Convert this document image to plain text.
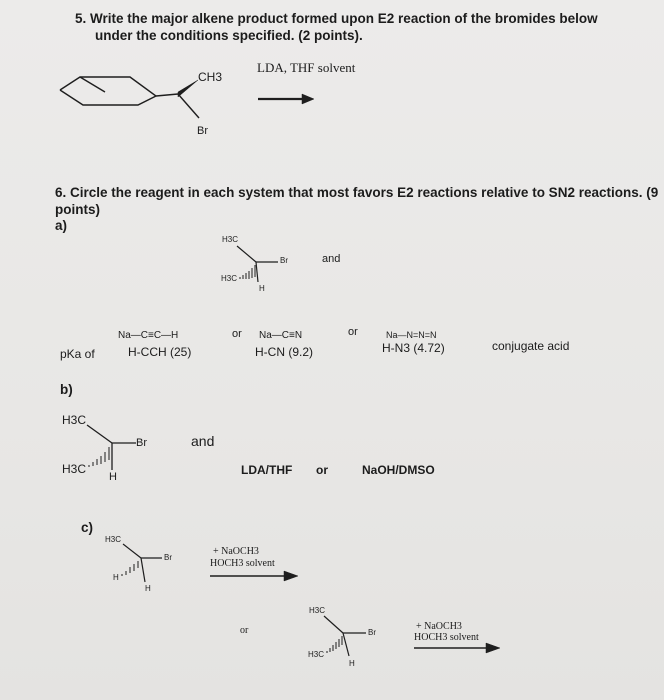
5. Write the major alkene product formed upon E2 reaction of the bromides below
under the conditions specified. (2 points).
CH3
Br
LDA, THF solvent
6. Circle the reagent in each system that most favors E2 reactions relative to SN2 reactions. (9
points)
a)
H3C
Br
H3C
H
and
Na—C≡C—H	or Na—C≡N	or	Na—N=N=N
pKa of	H-CCH (25)	H-CN (9.2)	H-N3 (4.72)	conjugate acid
b)
H3C
Br
H3C
H
and
LDA/THF or	NaOH/DMSO
c)
H3C
Br
H
H
+ NaOCH3
HOCH3 solvent
or
H3C
Br
H3C
H
+ NaOCH3
HOCH3 solvent
